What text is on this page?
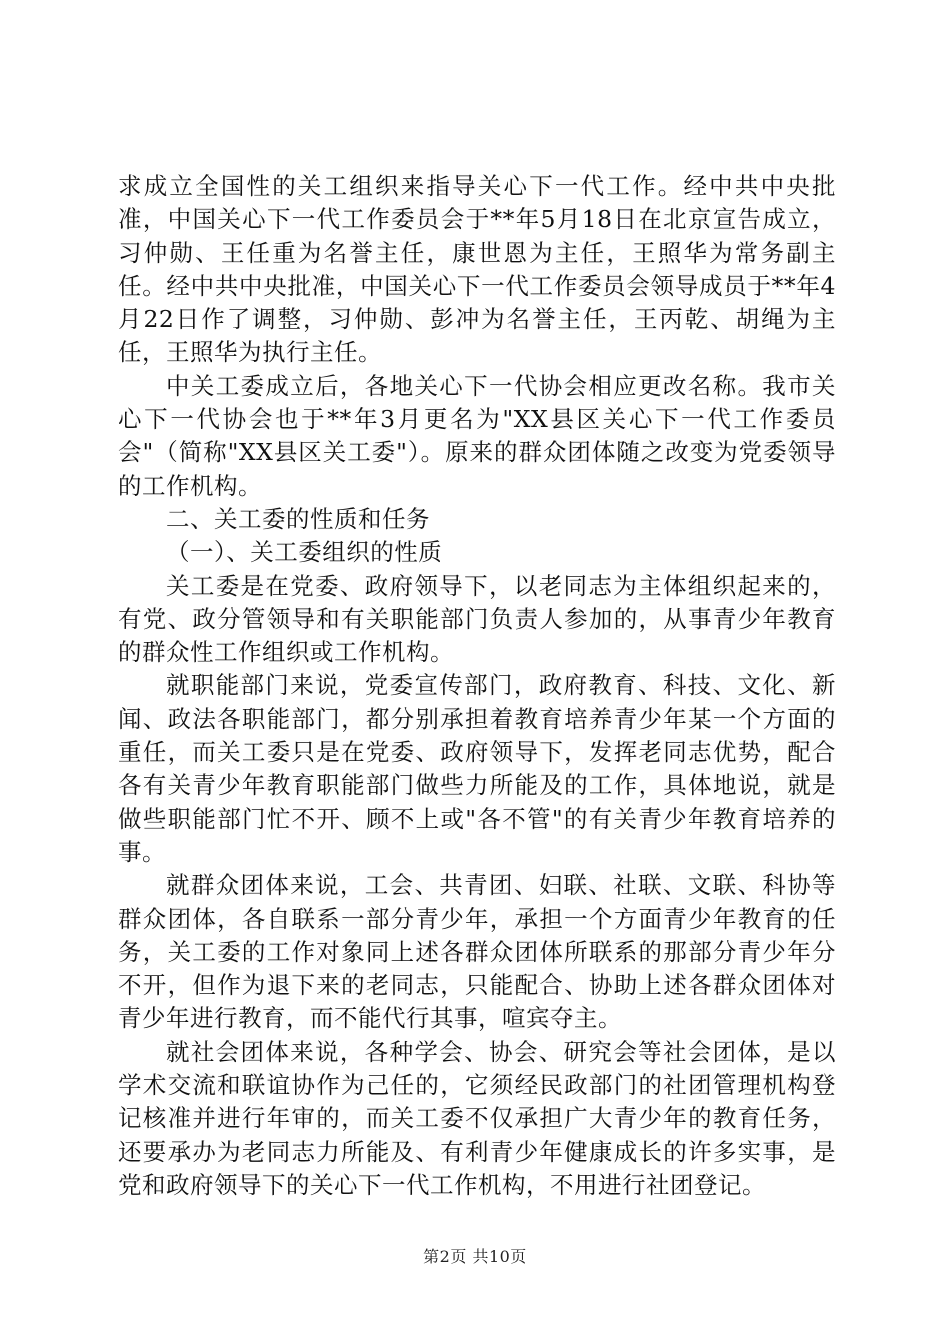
求成立全国性的关工组织来指导关心下一代工作。经中共中央批准，中国关心下一代工作委员会于**年5月18日在北京宣告成立，习仲勋、王任重为名誉主任，康世恩为主任，王照华为常务副主任。经中共中央批准，中国关心下一代工作委员会领导成员于**年4月22日作了调整，习仲勋、彭冲为名誉主任，王丙乾、胡绳为主任，王照华为执行主任。

中关工委成立后，各地关心下一代协会相应更改名称。我市关心下一代协会也于**年3月更名为"XX县区关心下一代工作委员会"（简称"XX县区关工委"）。原来的群众团体随之改变为党委领导的工作机构。

二、关工委的性质和任务

（一）、关工委组织的性质

关工委是在党委、政府领导下，以老同志为主体组织起来的，有党、政分管领导和有关职能部门负责人参加的，从事青少年教育的群众性工作组织或工作机构。

就职能部门来说，党委宣传部门，政府教育、科技、文化、新闻、政法各职能部门，都分别承担着教育培养青少年某一个方面的重任，而关工委只是在党委、政府领导下，发挥老同志优势，配合各有关青少年教育职能部门做些力所能及的工作，具体地说，就是做些职能部门忙不开、顾不上或"各不管"的有关青少年教育培养的事。

就群众团体来说，工会、共青团、妇联、社联、文联、科协等群众团体，各自联系一部分青少年，承担一个方面青少年教育的任务，关工委的工作对象同上述各群众团体所联系的那部分青少年分不开，但作为退下来的老同志，只能配合、协助上述各群众团体对青少年进行教育，而不能代行其事，喧宾夺主。

就社会团体来说，各种学会、协会、研究会等社会团体，是以学术交流和联谊协作为己任的，它须经民政部门的社团管理机构登记核准并进行年审的，而关工委不仅承担广大青少年的教育任务，还要承办为老同志力所能及、有利青少年健康成长的许多实事，是党和政府领导下的关心下一代工作机构，不用进行社团登记。

第2页 共10页
